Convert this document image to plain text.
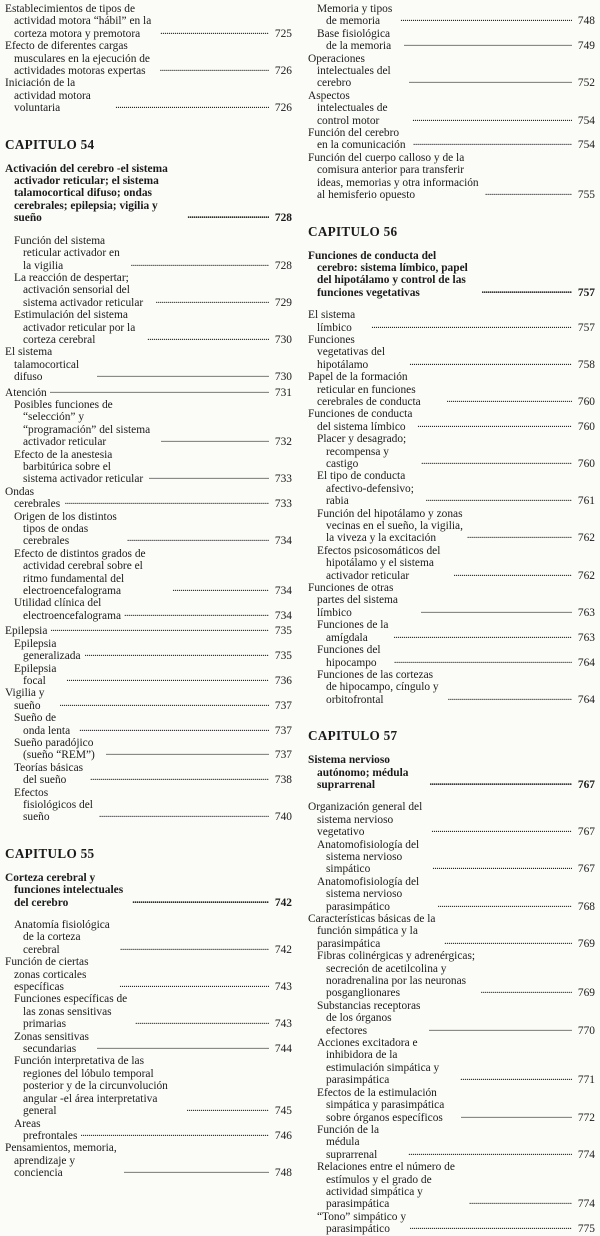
Establecimientos de tipos de actividad motora “hábil” en la corteza motora y premotora . . .	725
Efecto de diferentes cargas musculares en la ejecución de actividades motoras expertas . . .	726
Iniciación de la actividad motora voluntaria . . .	726
CAPITULO 54
Activación del cerebro -el sistema activador reticular; el sistema talamocortical difuso; ondas cerebrales; epilepsia; vigilia y sueño . . .	728
Función del sistema reticular activador en la vigilia . . .	728
La reacción de despertar; activación sensorial del sistema activador reticular . . .	729
Estimulación del sistema activador reticular por la corteza cerebral . . .	730
El sistema talamocortical difuso . . .	730
Atención . . .	731
Posibles funciones de “selección” y “programación” del sistema activador reticular . . .	732
Efecto de la anestesia barbitúrica sobre el sistema activador reticular . . .	733
Ondas cerebrales . . .	733
Origen de los distintos tipos de ondas cerebrales . . .	734
Efecto de distintos grados de actividad cerebral sobre el ritmo fundamental del electroencefalograma . . .	734
Utilidad clínica del electroencefalograma . . .	734
Epilepsia . . .	735
Epilepsia generalizada . . .	735
Epilepsia focal . . .	736
Vigilia y sueño . . .	737
Sueño de onda lenta . . .	737
Sueño paradójico (sueño “REM”) . . .	737
Teorías básicas del sueño . . .	738
Efectos fisiológicos del sueño . . .	740
CAPITULO 55
Corteza cerebral y funciones intelectuales del cerebro . . .	742
Anatomía fisiológica de la corteza cerebral . . .	742
Función de ciertas zonas corticales específicas . . .	743
Funciones específicas de las zonas sensitivas primarias . . .	743
Zonas sensitivas secundarias . . .	744
Función interpretativa de las regiones del lóbulo temporal posterior y de la circunvolución angular -el área interpretativa general . . .	745
Areas prefrontales . . .	746
Pensamientos, memoria, aprendizaje y conciencia . . .	748
Memoria y tipos de memoria . . .	748
Base fisiológica de la memoria . . .	749
Operaciones intelectuales del cerebro . . .	752
Aspectos intelectuales de control motor . . .	754
Función del cerebro en la comunicación . . .	754
Función del cuerpo calloso y de la comisura anterior para transferir ideas, memorias y otra información al hemisferio opuesto . . .	755
CAPITULO 56
Funciones de conducta del cerebro: sistema límbico, papel del hipotálamo y control de las funciones vegetativas . . .	757
El sistema límbico . . .	757
Funciones vegetativas del hipotálamo . . .	758
Papel de la formación reticular en funciones cerebrales de conducta . . .	760
Funciones de conducta del sistema límbico . . .	760
Placer y desagrado; recompensa y castigo . . .	760
El tipo de conducta afectivo-defensivo; rabia . . .	761
Función del hipotálamo y zonas vecinas en el sueño, la vigilia, la viveza y la excitación . . .	762
Efectos psicosomáticos del hipotálamo y el sistema activador reticular . . .	762
Funciones de otras partes del sistema límbico . . .	763
Funciones de la amígdala . . .	763
Funciones del hipocampo . . .	764
Funciones de las cortezas de hipocampo, cíngulo y orbitofrontal . . .	764
CAPITULO 57
Sistema nervioso autónomo; médula suprarrenal . . .	767
Organización general del sistema nervioso vegetativo . . .	767
Anatomofisiología del sistema nervioso simpático . . .	767
Anatomofisiología del sistema nervioso parasimpático . . .	768
Características básicas de la función simpática y la parasimpática . . .	769
Fibras colinérgicas y adrenérgicas; secreción de acetilcolina y noradrenalina por las neuronas posganglionares . . .	769
Substancias receptoras de los órganos efectores . . .	770
Acciones excitadora e inhibidora de la estimulación simpática y parasimpática . . .	771
Efectos de la estimulación simpática y parasimpática sobre órganos específicos . . .	772
Función de la médula suprarrenal . . .	774
Relaciones entre el número de estímulos y el grado de actividad simpática y parasimpática . . .	774
“Tono” simpático y parasimpático . . .	775
